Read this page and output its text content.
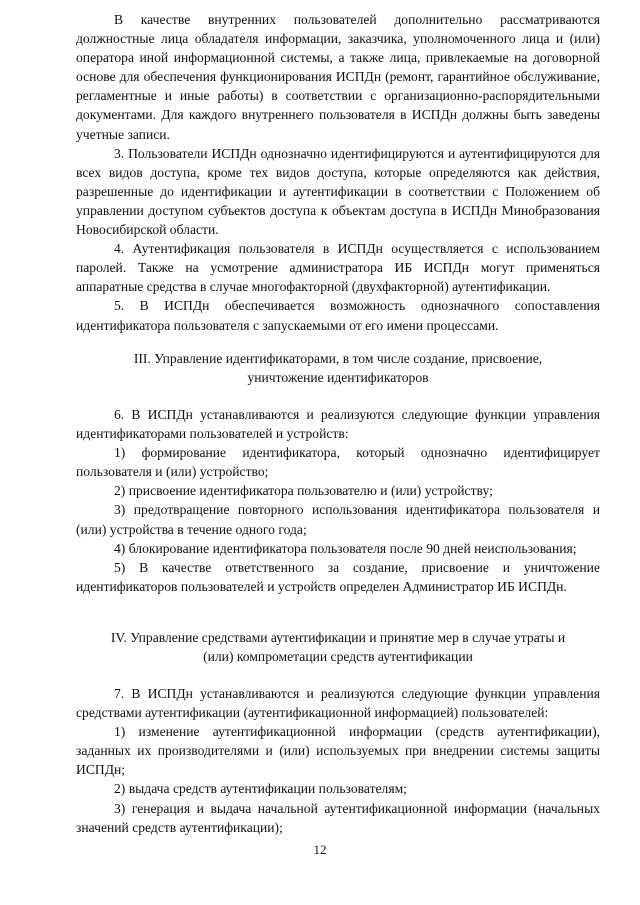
В качестве внутренних пользователей дополнительно рассматриваются должностные лица обладателя информации, заказчика, уполномоченного лица и (или) оператора иной информационной системы, а также лица, привлекаемые на договорной основе для обеспечения функционирования ИСПДн (ремонт, гарантийное обслуживание, регламентные и иные работы) в соответствии с организационно-распорядительными документами. Для каждого внутреннего пользователя в ИСПДн должны быть заведены учетные записи.

3. Пользователи ИСПДн однозначно идентифицируются и аутентифицируются для всех видов доступа, кроме тех видов доступа, которые определяются как действия, разрешенные до идентификации и аутентификации в соответствии с Положением об управлении доступом субъектов доступа к объектам доступа в ИСПДн Минобразования Новосибирской области.

4. Аутентификация пользователя в ИСПДн осуществляется с использованием паролей. Также на усмотрение администратора ИБ ИСПДн могут применяться аппаратные средства в случае многофакторной (двухфакторной) аутентификации.

5. В ИСПДн обеспечивается возможность однозначного сопоставления идентификатора пользователя с запускаемыми от его имени процессами.

III. Управление идентификаторами, в том числе создание, присвоение,

уничтожение идентификаторов

6. В ИСПДн устанавливаются и реализуются следующие функции управления идентификаторами пользователей и устройств:

1) формирование идентификатора, который однозначно идентифицирует пользователя и (или) устройство;

2) присвоение идентификатора пользователю и (или) устройству;

3) предотвращение повторного использования идентификатора пользователя и (или) устройства в течение одного года;

4) блокирование идентификатора пользователя после 90 дней неиспользования;

5) В качестве ответственного за создание, присвоение и уничтожение идентификаторов пользователей и устройств определен Администратор ИБ ИСПДн.

IV. Управление средствами аутентификации и принятие мер в случае утраты и

(или) компрометации средств аутентификации

7. В ИСПДн устанавливаются и реализуются следующие функции управления средствами аутентификации (аутентификационной информацией) пользователей:

1) изменение аутентификационной информации (средств аутентификации), заданных их производителями и (или) используемых при внедрении системы защиты ИСПДн;

2) выдача средств аутентификации пользователям;

3) генерация и выдача начальной аутентификационной информации (начальных значений средств аутентификации);

12
